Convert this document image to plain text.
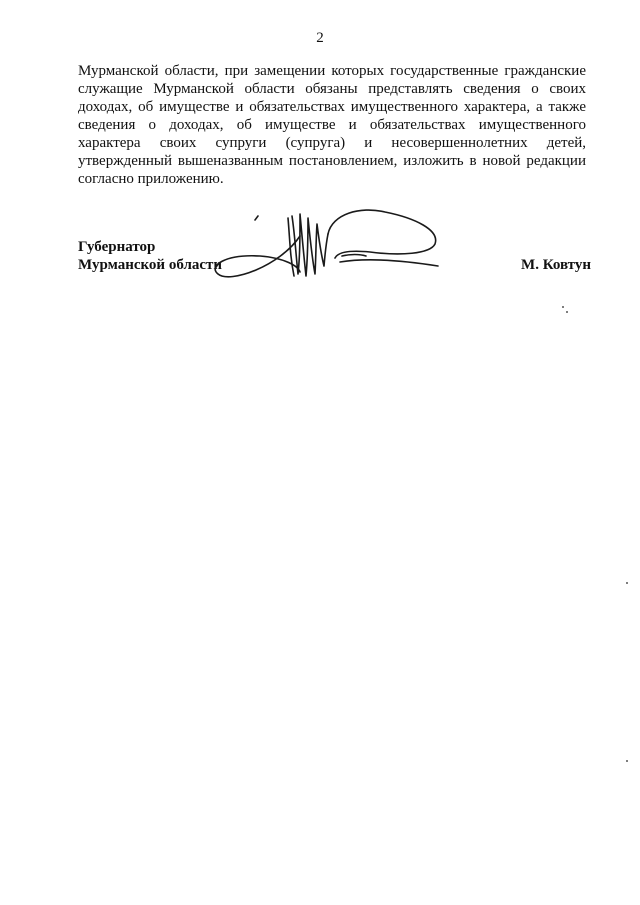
2

Мурманской области, при замещении которых государственные гражданские служащие Мурманской области обязаны представлять сведения о своих доходах, об имуществе и обязательствах имущественного характера, а также сведения о доходах, об имуществе и обязательствах имущественного характера своих супруги (супруга) и несовершеннолетних детей, утвержденный вышеназванным постановлением, изложить в новой редакции согласно приложению.

Губернатор
Мурманской области	М. Ковтун
